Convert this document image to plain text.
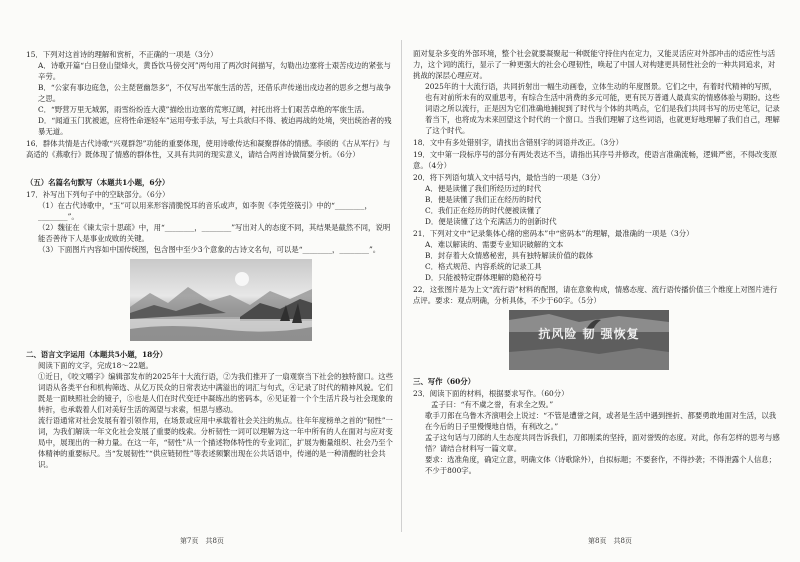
15．下列对这首诗的理解和赏析，不正确的一项是（3分）

A．诗歌开篇“白日登山望烽火，黄昏饮马傍交河”两句用了两次时间描写，勾勒出边塞将士艰苦戍边的紧张与辛劳。

B．“公家有事边庭急，公主琵琶幽怨多”，不仅写出军旅生活的苦，还借乐声传递出戍边者的思乡之想与战争之思。

C．“野营万里无城郭，雨雪纷纷连大漠”描绘出边塞的荒寒辽阔，衬托出将士们艰苦卓绝的军旅生活。

D．“闻道玉门犹被遮，应将性命逐轻车”运用夸张手法，写士兵欲归不得、被迫再战的处境，突出统治者的残暴无道。

16．群体共情是古代诗歌“兴观群怨”功能的重要体现，使用诗歌传达和凝聚群体的情感。李颀的《古从军行》与高适的《燕歌行》既体现了情感的群体性，又具有共同的现实意义，请结合两首诗做简要分析。（6分）

（五）名篇名句默写（本题共1小题，6分）

17．补写出下列句子中的空缺部分。（6分）

（1）在古代诗歌中，“玉”可以用来形容清脆悦耳的音乐或声，如李贺《李凭箜篌引》中的“________，________”。

（2）魏征在《谏太宗十思疏》中，用“________，________”写出对人的态度不同，其结果是截然不同，说明能否善待下人是事业成败的关键。

（3）下面图片内容如中国传统图，包含图中至少3个意象的古诗文名句，可以是“________，________”。

二、语言文字运用（本题共5小题，18分）

阅读下面的文字，完成18～22题。

①近日，《咬文嚼字》编辑部发布的2025年十大流行语，②为我们推开了一扇观察当下社会的独特窗口。这些词语从各类平台和机构筛选、从亿万民众的日常表达中满溢出的词汇与句式，④记录了时代的精神风貌。它们既是一面映照社会的镜子，⑤也是人们在时代变迁中凝练出的密码本，⑥见证着一个个生活片段与社会现象的转折，也承载着人们对美好生活的渴望与求索，恒思与感动。

流行语通常对社会发展有着引领作用，在场景或应用中承载着社会关注的焦点。往年年度榜单之首的“韧性”一词，为我们解读一年文化社会发展了重要的线索。分析韧性一词可以理解为这一年中所有的人在面对与应对变局中，展现出的一种力量。在这一年，“韧性”从一个描述物体特性的专业词汇，扩展为衡量组织、社会乃至个体精神的重要标尺。当“发展韧性”“供应链韧性”等表述频繁出现在公共话语中，传递的是一种清醒的社会共识。

面对复杂多变的外部环境，整个社会就要凝聚起一种既能守持住内在定力，又能灵活应对外部冲击的适应性与活力，这个词的流行，显示了一种更强大的社会心理韧性，唤起了中国人对构建更具韧性社会的一种共同追求，对挑战的深层心理应对。

2025年的十大流行语，共同折射出一幅生动画卷，立体生动的年度图景。它们之中，有着时代精神的写照，也有对前所未有的双重思考，有综合生活中消费的多元可能，更有民万普通人最真实的情感体验与期盼。这些词语之所以流行，正是因为它们准确地捕捉到了时代与个体的共鸣点，它们是我们共同书写的历史笔记，记录着当下，也将成为未来回望这个时代的一个窗口。当我们理解了这些词语，也就更好地理解了我们自己，理解了这个时代。

18．文中有多处错别字，请找出含错别字的词语并改正。（3分）

19．文中第一段标序号的部分有两处表达不当，请指出其序号并修改，使语言准确流畅，逻辑严密，不得改变原意。（4分）

20．将下列语句填入文中括号内，最恰当的一项是（3分）

A．便是读懂了我们所经历过的时代

B．便是读懂了我们正在经历的时代

C．我们正在经历的时代便被读懂了

D．便是读懂了这个充满活力的创新时代

21．下列对文中“记录集体心绪的密码本”中“密码本”的理解，最准确的一项是（3分）

A．难以解读的、需要专业知识破解的文本

B．封存着大众情感秘密，具有独特解读价值的载体

C．格式规范、内容系统的记录工具

D．只能被特定群体理解的隐秘符号

22．这张图片是为上文“流行语”材料的配图，请在意象构成，情感态度、流行语传播价值三个维度上对图片进行点评。要求：观点明确，分析具体，不少于60字。（5分）

抗风险 韧 强恢复

三、写作（60分）

23．阅读下面的材料，根据要求写作。（60分）

孟子曰：“有不虞之誉，有求全之毁。”

歌手刀郎在乌鲁木齐演唱会上说过：“不管是遭誉之间，或者是生活中遇到挫折、都要勇敢地面对生活，以我在今后的日子里慢慢地自悟，有利改之。”

孟子这句话与刀郎的人生态度共同告诉我们，刀郎刚柔的坚持，面对誉毁的态度。对此，你有怎样的思考与感悟？请结合材料写一篇文章。

要求：选准角度，确定立意，明确文体（诗歌除外），自拟标题；不要套作，不得抄袭；不得泄露个人信息；不少于800字。

第7页　共8页	第8页　共8页
